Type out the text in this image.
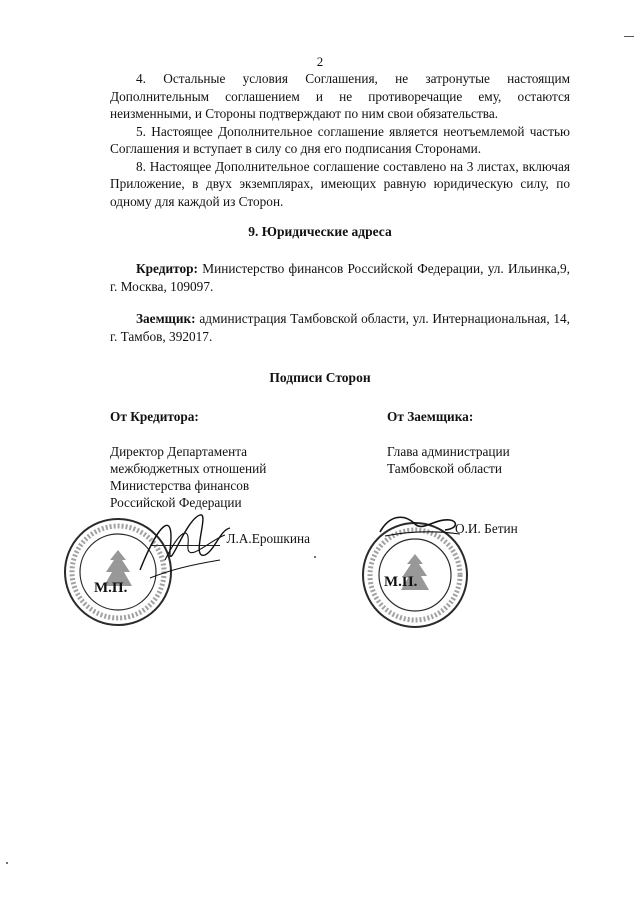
2

4. Остальные условия Соглашения, не затронутые настоящим Дополнительным соглашением и не противоречащие ему, остаются неизменными, и Стороны подтверждают по ним свои обязательства.

5. Настоящее Дополнительное соглашение является неотъемлемой частью Соглашения и вступает в силу со дня его подписания Сторонами.

8. Настоящее Дополнительное соглашение составлено на 3 листах, включая Приложение, в двух экземплярах, имеющих равную юридическую силу, по одному для каждой из Сторон.

9. Юридические адреса

Кредитор: Министерство финансов Российской Федерации, ул. Ильинка,9, г. Москва, 109097.

Заемщик: администрация Тамбовской области, ул. Интернациональная, 14, г. Тамбов, 392017.

Подписи Сторон
От Кредитора:
Директор Департамента
межбюджетных отношений
Министерства финансов
Российской Федерации
Л.А.Ерошкина
От Заемщика:
Глава администрации
Тамбовской области
О.И. Бетин
М.П.	М.П.
